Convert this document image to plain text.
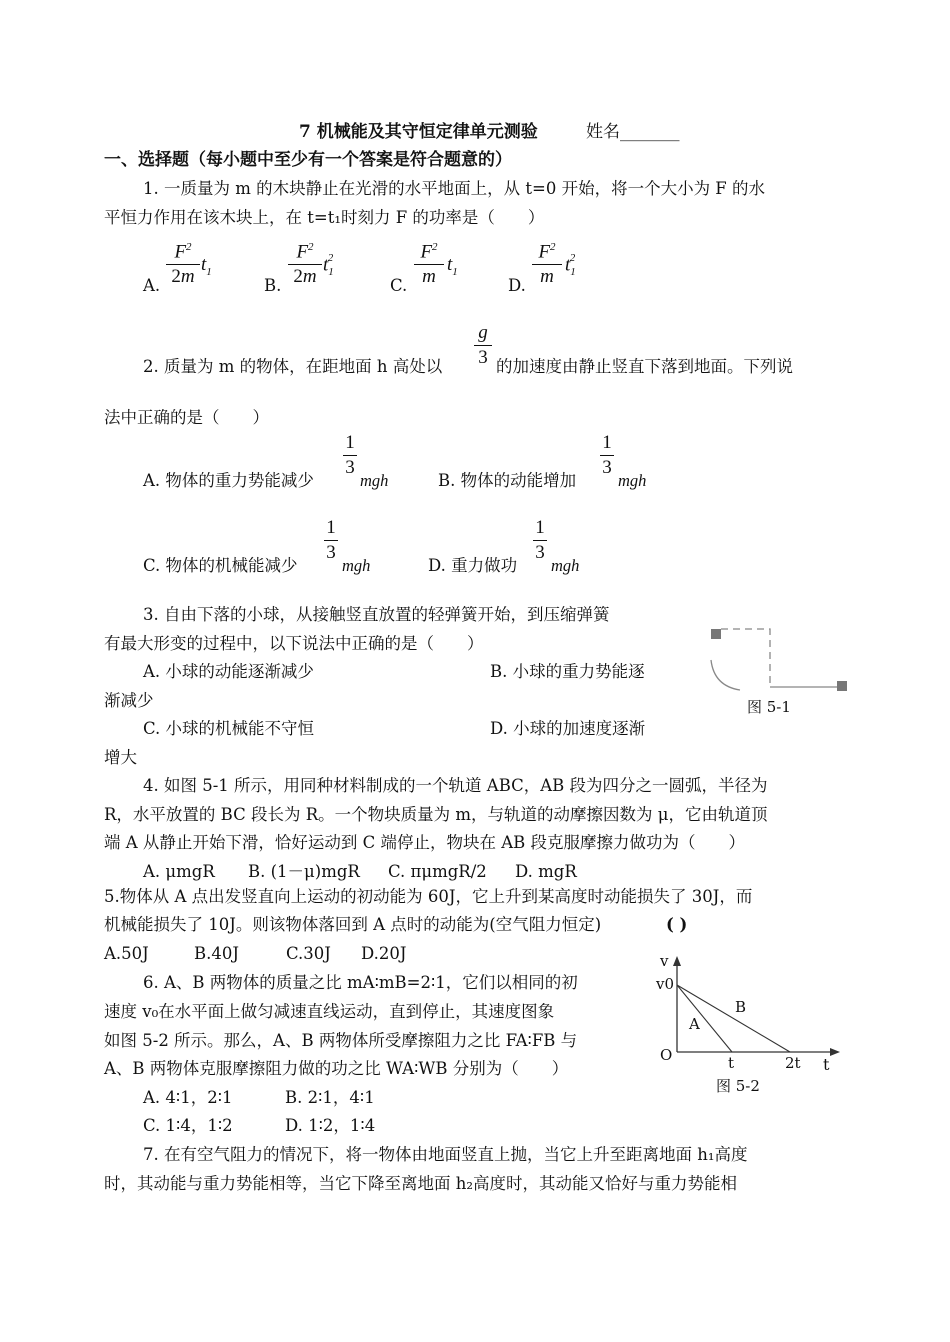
7 机械能及其守恒定律单元测验	姓名_______
一、选择题（每小题中至少有一个答案是符合题意的）
1. 一质量为 m 的木块静止在光滑的水平地面上，从 t=0 开始，将一个大小为 F 的水
平恒力作用在该木块上，在 t=t₁时刻力 F 的功率是（　　）
A.
$F^2$
2m
$t_1$
B.
$F^2$
2m
$t_1^2$
C.
$F^2$
m
$t_1$
D.
$F^2$
m
$t_1^2$
g
3
2. 质量为 m 的物体，在距地面 h 高处以	的加速度由静止竖直下落到地面。下列说
法中正确的是（　　）
A. 物体的重力势能减少
1
3
mgh	B. 物体的动能增加
1
3
mgh
C. 物体的机械能减少
1
3
mgh	D. 重力做功
1
3
mgh
3. 自由下落的小球，从接触竖直放置的轻弹簧开始，到压缩弹簧
有最大形变的过程中，以下说法中正确的是（　　）
A. 小球的动能逐渐减少	B. 小球的重力势能逐
渐减少
C. 小球的机械能不守恒	D. 小球的加速度逐渐
增大
图 5-1
4. 如图 5-1 所示，用同种材料制成的一个轨道 ABC，AB 段为四分之一圆弧，半径为
R，水平放置的 BC 段长为 R。一个物块质量为 m，与轨道的动摩擦因数为 μ，它由轨道顶
端 A 从静止开始下滑，恰好运动到 C 端停止，物块在 AB 段克服摩擦力做功为（　　）
A. μmgR B. (1－μ)mgR C. πμmgR/2 D. mgR
5.物体从 A 点出发竖直向上运动的初动能为 60J，它上升到某高度时动能损失了 30J，而
机械能损失了 10J。则该物体落回到 A 点时的动能为(空气阻力恒定)	( )
A.50J	B.40J	C.30J D.20J
6. A、B 两物体的质量之比 mA∶mB=2∶1，它们以相同的初
速度 v₀在水平面上做匀减速直线运动，直到停止，其速度图象
如图 5-2 所示。那么，A、B 两物体所受摩擦阻力之比 FA∶FB 与
A、B 两物体克服摩擦阻力做的功之比 WA∶WB 分别为（　　）
A. 4∶1，2∶1	B. 2∶1，4∶1
C. 1∶4，1∶2	D. 1∶2，1∶4
v
v0
B
A
O	t	2t t
图 5-2
7. 在有空气阻力的情况下，将一物体由地面竖直上抛，当它上升至距离地面 h₁高度
时，其动能与重力势能相等，当它下降至离地面 h₂高度时，其动能又恰好与重力势能相
